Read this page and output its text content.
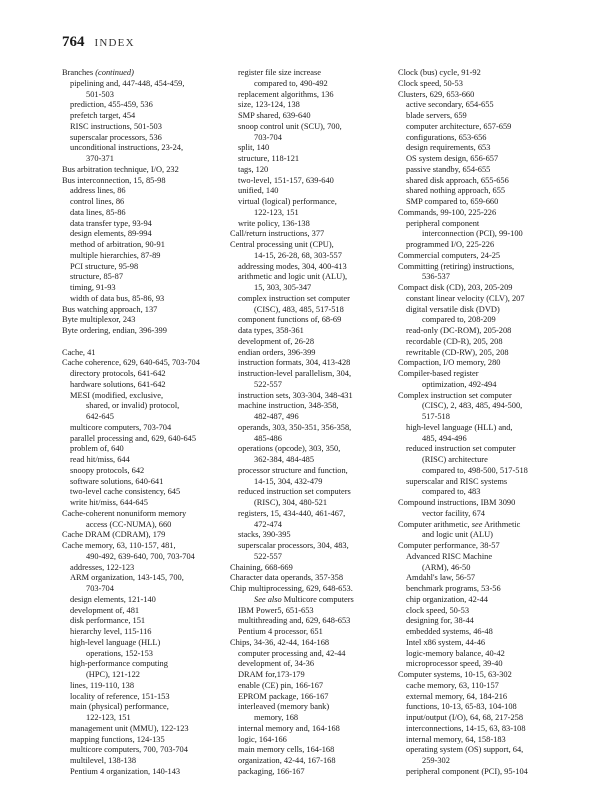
764 INDEX
Branches (continued)
pipelining and, 447-448, 454-459,
501-503
prediction, 455-459, 536
prefetch target, 454
RISC instructions, 501-503
superscalar processors, 536
unconditional instructions, 23-24,
370-371
Bus arbitration technique, I/O, 232
Bus interconnection, 15, 85-98
address lines, 86
control lines, 86
data lines, 85-86
data transfer type, 93-94
design elements, 89-994
method of arbitration, 90-91
multiple hierarchies, 87-89
PCI structure, 95-98
structure, 85-87
timing, 91-93
width of data bus, 85-86, 93
Bus watching approach, 137
Byte multiplexor, 243
Byte ordering, endian, 396-399
Cache, 41
Cache coherence, 629, 640-645, 703-704
directory protocols, 641-642
hardware solutions, 641-642
MESI (modified, exclusive,
shared, or invalid) protocol,
642-645
multicore computers, 703-704
parallel processing and, 629, 640-645
problem of, 640
read hit/miss, 644
snoopy protocols, 642
software solutions, 640-641
two-level cache consistency, 645
write hit/miss, 644-645
Cache-coherent nonuniform memory
access (CC-NUMA), 660
Cache DRAM (CDRAM), 179
Cache memory, 63, 110-157, 481,
490-492, 639-640, 700, 703-704
addresses, 122-123
ARM organization, 143-145, 700,
703-704
design elements, 121-140
development of, 481
disk performance, 151
hierarchy level, 115-116
high-level language (HLL)
operations, 152-153
high-performance computing
(HPC), 121-122
lines, 119-110, 138
locality of reference, 151-153
main (physical) performance,
122-123, 151
management unit (MMU), 122-123
mapping functions, 124-135
multicore computers, 700, 703-704
multilevel, 138-138
Pentium 4 organization, 140-143
register file size increase
compared to, 490-492
replacement algorithms, 136
size, 123-124, 138
SMP shared, 639-640
snoop control unit (SCU), 700,
703-704
split, 140
structure, 118-121
tags, 120
two-level, 151-157, 639-640
unified, 140
virtual (logical) performance,
122-123, 151
write policy, 136-138
Call/return instructions, 377
Central processing unit (CPU),
14-15, 26-28, 68, 303-557
addressing modes, 304, 400-413
arithmetic and logic unit (ALU),
15, 303, 305-347
complex instruction set computer
(CISC), 483, 485, 517-518
component functions of, 68-69
data types, 358-361
development of, 26-28
endian orders, 396-399
instruction formats, 304, 413-428
instruction-level parallelism, 304,
522-557
instruction sets, 303-304, 348-431
machine instruction, 348-358,
482-487, 496
operands, 303, 350-351, 356-358,
485-486
operations (opcode), 303, 350,
362-384, 484-485
processor structure and function,
14-15, 304, 432-479
reduced instruction set computers
(RISC), 304, 480-521
registers, 15, 434-440, 461-467,
472-474
stacks, 390-395
superscalar processors, 304, 483,
522-557
Chaining, 668-669
Character data operands, 357-358
Chip multiprocessing, 629, 648-653.
See also Multicore computers
IBM Power5, 651-653
multithreading and, 629, 648-653
Pentium 4 processor, 651
Chips, 34-36, 42-44, 164-168
computer processing and, 42-44
development of, 34-36
DRAM for,173-179
enable (CE) pin, 166-167
EPROM package, 166-167
interleaved (memory bank)
memory, 168
internal memory and, 164-168
logic, 164-166
main memory cells, 164-168
organization, 42-44, 167-168
packaging, 166-167
Clock (bus) cycle, 91-92
Clock speed, 50-53
Clusters, 629, 653-660
active secondary, 654-655
blade servers, 659
computer architecture, 657-659
configurations, 653-656
design requirements, 653
OS system design, 656-657
passive standby, 654-655
shared disk approach, 655-656
shared nothing approach, 655
SMP compared to, 659-660
Commands, 99-100, 225-226
peripheral component
interconnection (PCI), 99-100
programmed I/O, 225-226
Commercial computers, 24-25
Committing (retiring) instructions,
536-537
Compact disk (CD), 203, 205-209
constant linear velocity (CLV), 207
digital versatile disk (DVD)
compared to, 208-209
read-only (DC-ROM), 205-208
recordable (CD-R), 205, 208
rewritable (CD-RW), 205, 208
Compaction, I/O memory, 280
Compiler-based register
optimization, 492-494
Complex instruction set computer
(CISC), 2, 483, 485, 494-500,
517-518
high-level language (HLL) and,
485, 494-496
reduced instruction set computer
(RISC) architecture
compared to, 498-500, 517-518
superscalar and RISC systems
compared to, 483
Compound instructions, IBM 3090
vector facility, 674
Computer arithmetic, see Arithmetic
and logic unit (ALU)
Computer performance, 38-57
Advanced RISC Machine
(ARM), 46-50
Amdahl's law, 56-57
benchmark programs, 53-56
chip organization, 42-44
clock speed, 50-53
designing for, 38-44
embedded systems, 46-48
Intel x86 system, 44-46
logic-memory balance, 40-42
microprocessor speed, 39-40
Computer systems, 10-15, 63-302
cache memory, 63, 110-157
external memory, 64, 184-216
functions, 10-13, 65-83, 104-108
input/output (I/O), 64, 68, 217-258
interconnections, 14-15, 63, 83-108
internal memory, 64, 158-183
operating system (OS) support, 64,
259-302
peripheral component (PCI), 95-104
